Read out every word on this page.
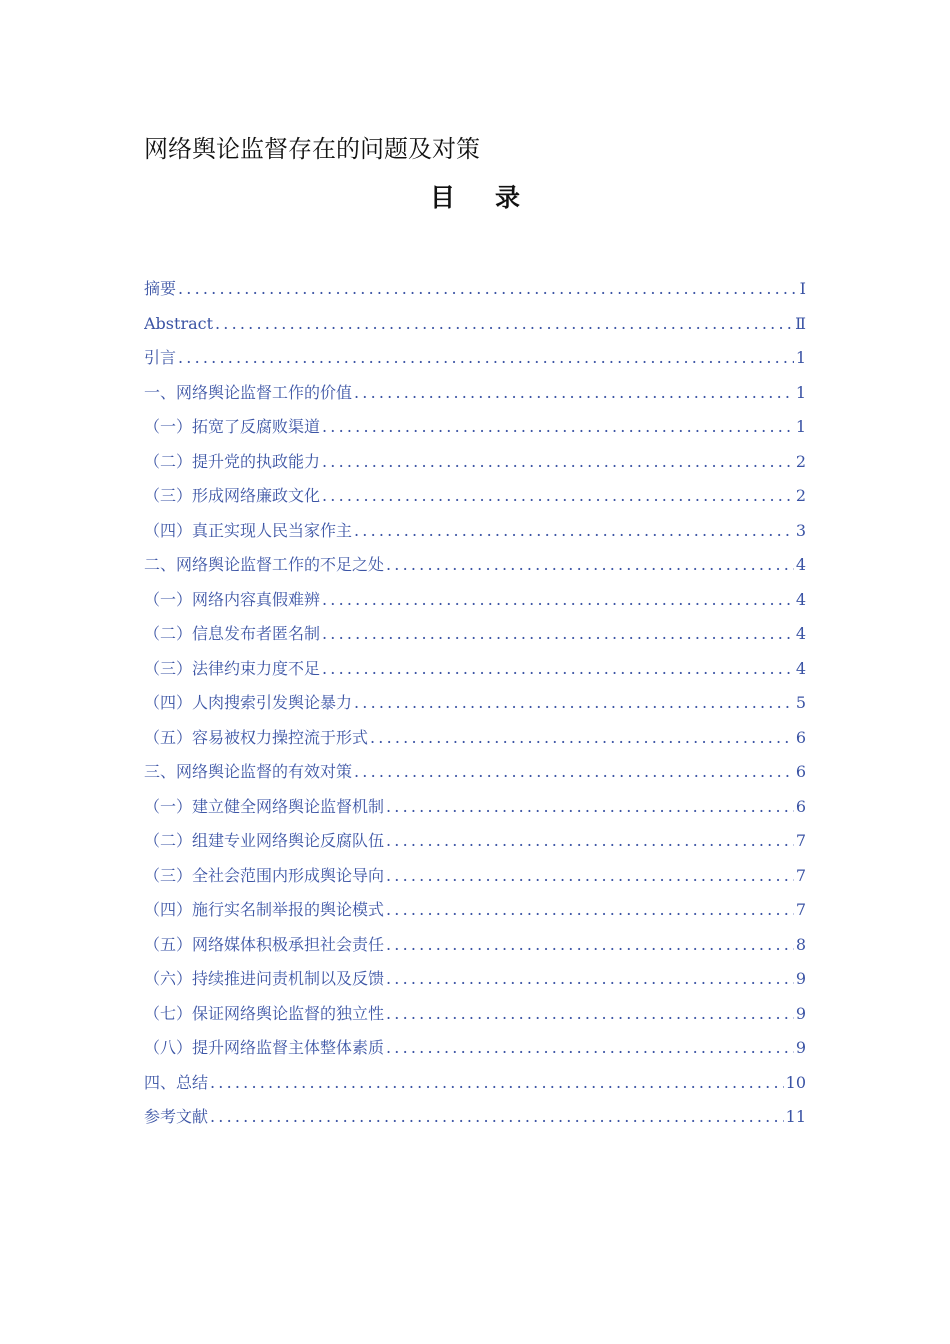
网络舆论监督存在的问题及对策
目录
摘要 .....	I
Abstract .....	Ⅱ
引言 .....	1
一、网络舆论监督工作的价值 .....	1
（一）拓宽了反腐败渠道 .....	1
（二）提升党的执政能力 .....	2
（三）形成网络廉政文化 .....	2
（四）真正实现人民当家作主 .....	3
二、网络舆论监督工作的不足之处 .....	4
（一）网络内容真假难辨 .....	4
（二）信息发布者匿名制 .....	4
（三）法律约束力度不足 .....	4
（四）人肉搜索引发舆论暴力 .....	5
（五）容易被权力操控流于形式 .....	6
三、网络舆论监督的有效对策 .....	6
（一）建立健全网络舆论监督机制 .....	6
（二）组建专业网络舆论反腐队伍 .....	7
（三）全社会范围内形成舆论导向 .....	7
（四）施行实名制举报的舆论模式 .....	7
（五）网络媒体积极承担社会责任 .....	8
（六）持续推进问责机制以及反馈 .....	9
（七）保证网络舆论监督的独立性 .....	9
（八）提升网络监督主体整体素质 .....	9
四、总结 .....	10
参考文献 .....	11
